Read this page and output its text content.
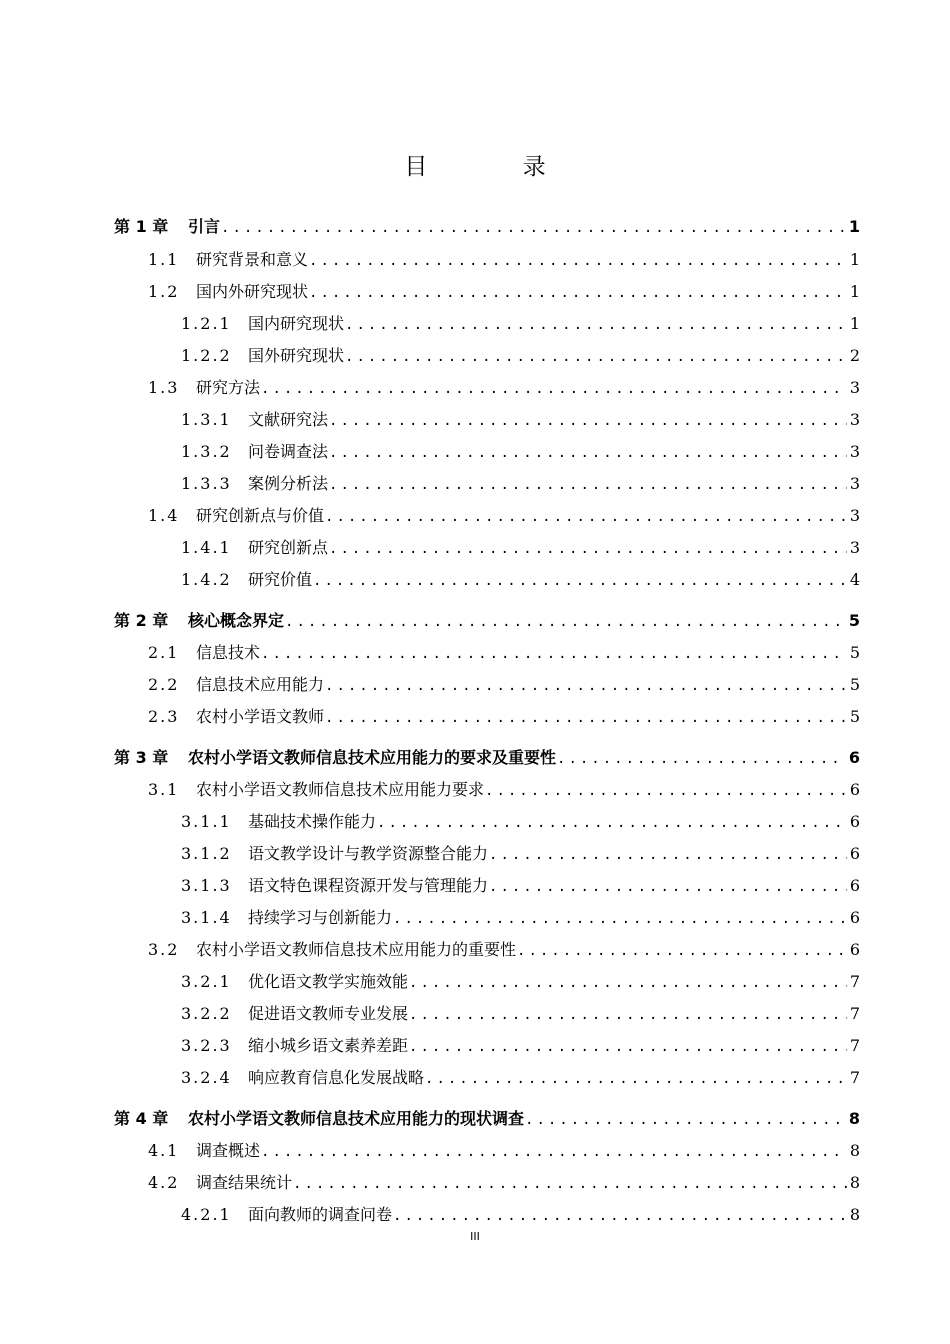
目 录
第 1 章	引言 .....	1
1.1	研究背景和意义 .....	1
1.2	国内外研究现状 .....	1
1.2.1	国内研究现状 .....	1
1.2.2	国外研究现状 .....	2
1.3	研究方法 .....	3
1.3.1	文献研究法 .....	3
1.3.2	问卷调查法 .....	3
1.3.3	案例分析法 .....	3
1.4	研究创新点与价值 .....	3
1.4.1	研究创新点 .....	3
1.4.2	研究价值 .....	4
第 2 章	核心概念界定 .....	5
2.1	信息技术 .....	5
2.2	信息技术应用能力 .....	5
2.3	农村小学语文教师 .....	5
第 3 章	农村小学语文教师信息技术应用能力的要求及重要性 .....	6
3.1	农村小学语文教师信息技术应用能力要求 .....	6
3.1.1	基础技术操作能力 .....	6
3.1.2	语文教学设计与教学资源整合能力 .....	6
3.1.3	语文特色课程资源开发与管理能力 .....	6
3.1.4	持续学习与创新能力 .....	6
3.2	农村小学语文教师信息技术应用能力的重要性 .....	6
3.2.1	优化语文教学实施效能 .....	7
3.2.2	促进语文教师专业发展 .....	7
3.2.3	缩小城乡语文素养差距 .....	7
3.2.4	响应教育信息化发展战略 .....	7
第 4 章	农村小学语文教师信息技术应用能力的现状调查 .....	8
4.1	调查概述 .....	8
4.2	调查结果统计 .....	8
4.2.1	面向教师的调查问卷 .....	8
III
